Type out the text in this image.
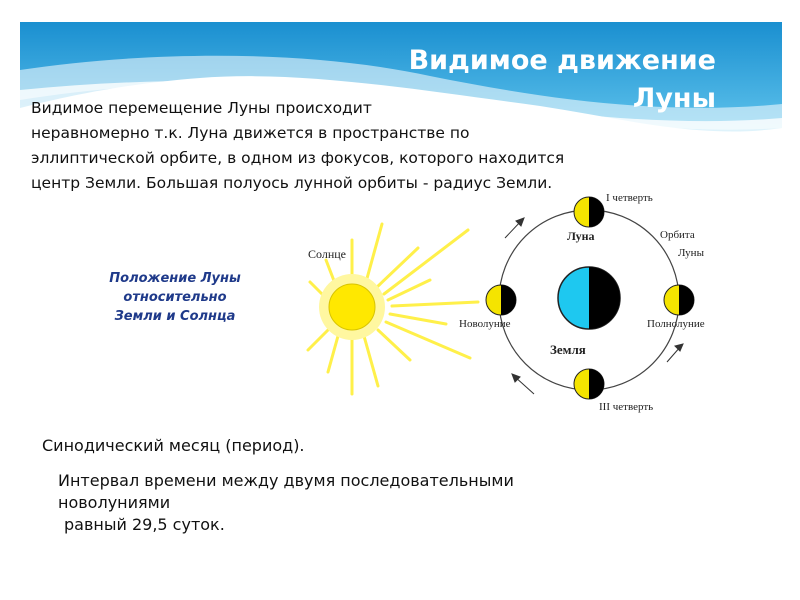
Видимое движение
Луны
Видимое перемещение Луны происходит
неравномерно т.к. Луна движется в пространстве по
эллиптической орбите, в одном из фокусов, которого находится
центр Земли. Большая полуось лунной орбиты - радиус Земли.
Положение Луны
относительно
Земли и Солнца
Солнце
Земля
I четверть
Луна
Новолуние	Полнолуние
III четверть
Орбита
Луны
Синодический месяц (период).
Интервал времени между двумя последовательными
новолуниями
равный 29,5 суток.
